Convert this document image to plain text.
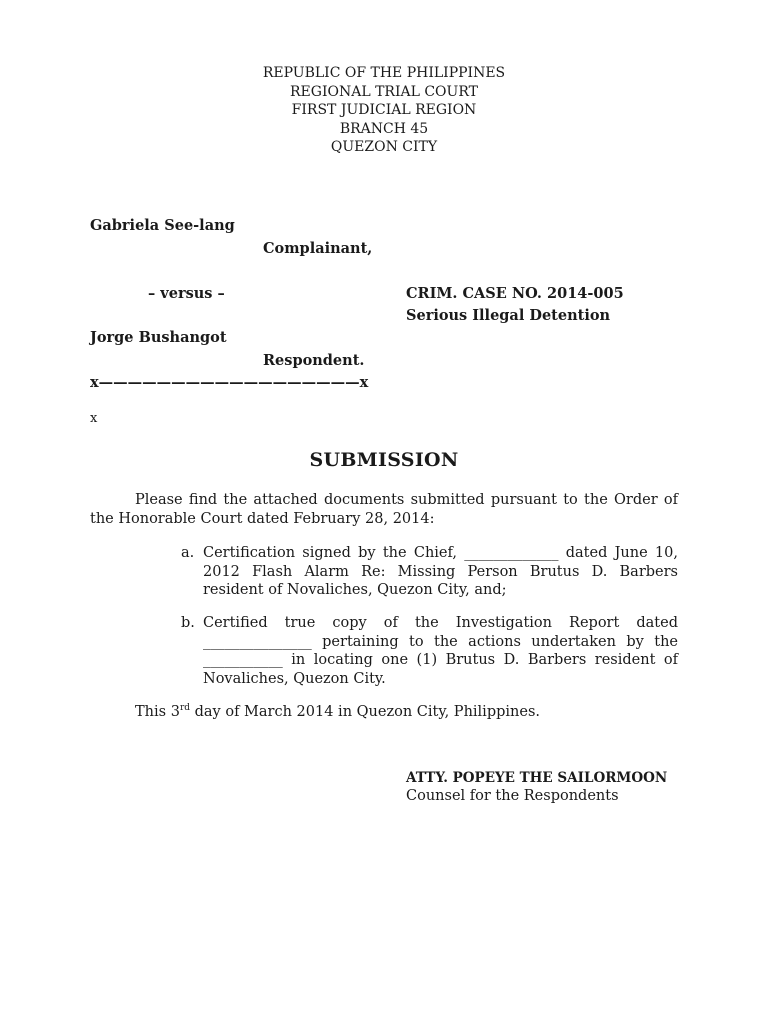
REPUBLIC OF THE PHILIPPINES
REGIONAL TRIAL COURT
FIRST JUDICIAL REGION
BRANCH 45
QUEZON CITY
Gabriela See-lang
Complainant,
– versus –	CRIM. CASE NO. 2014-005
Serious Illegal Detention
Jorge Bushangot
Respondent.
x——————————————————x
x
SUBMISSION
Please find the attached documents submitted pursuant to the Order of the Honorable Court dated February 28, 2014:
a. Certification signed by the Chief, _____________ dated June 10, 2012 Flash Alarm Re: Missing Person Brutus D. Barbers resident of Novaliches, Quezon City, and;
b. Certified true copy of the Investigation Report dated _______________ pertaining to the actions undertaken by the ___________ in locating one (1) Brutus D. Barbers resident of Novaliches, Quezon City.
This 3rd day of March 2014 in Quezon City, Philippines.
ATTY. POPEYE THE SAILORMOON
Counsel for the Respondents
